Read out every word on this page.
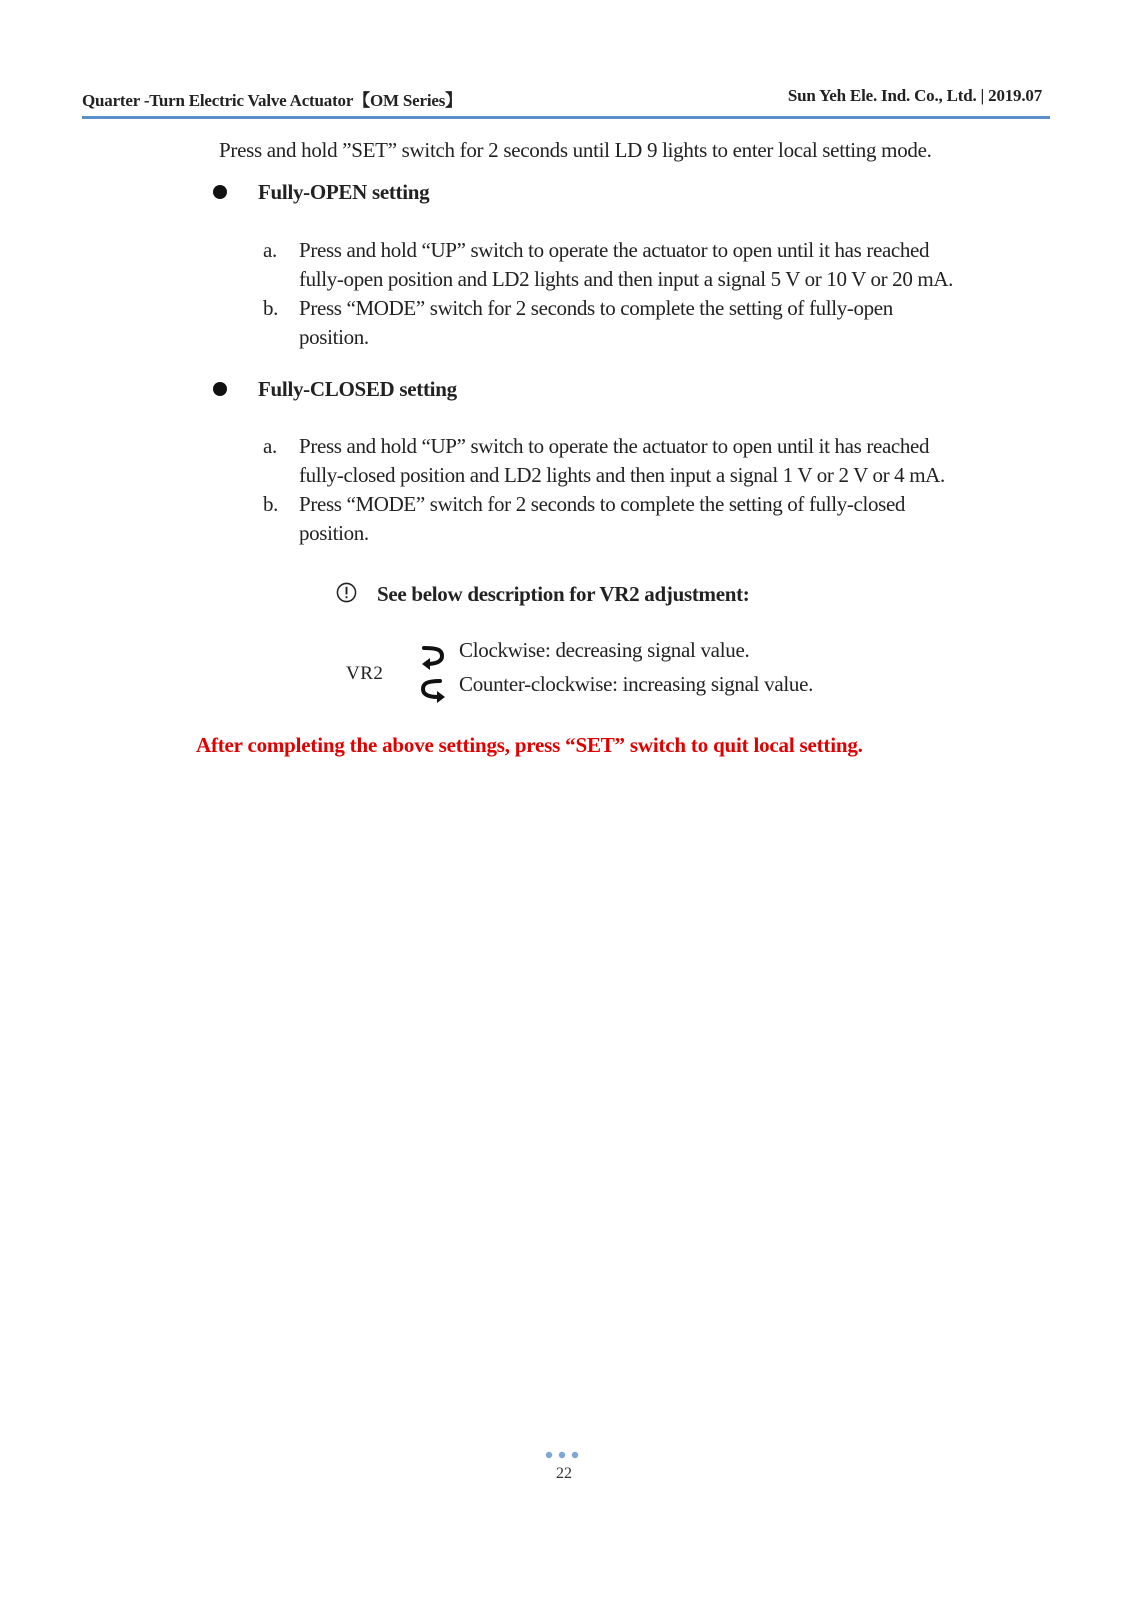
Quarter -Turn Electric Valve Actuator【OM Series】	Sun Yeh Ele. Ind. Co., Ltd. | 2019.07
Press and hold ”SET” switch for 2 seconds until LD 9 lights to enter local setting mode.
Fully-OPEN setting
a. Press and hold “UP” switch to operate the actuator to open until it has reached
fully-open position and LD2 lights and then input a signal 5 V or 10 V or 20 mA.
b. Press “MODE” switch for 2 seconds to complete the setting of fully-open
position.
Fully-CLOSED setting
a. Press and hold “UP” switch to operate the actuator to open until it has reached
fully-closed position and LD2 lights and then input a signal 1 V or 2 V or 4 mA.
b. Press “MODE” switch for 2 seconds to complete the setting of fully-closed
position.
See below description for VR2 adjustment:
VR2
Clockwise: decreasing signal value.
Counter-clockwise: increasing signal value.
After completing the above settings, press “SET” switch to quit local setting.
22
